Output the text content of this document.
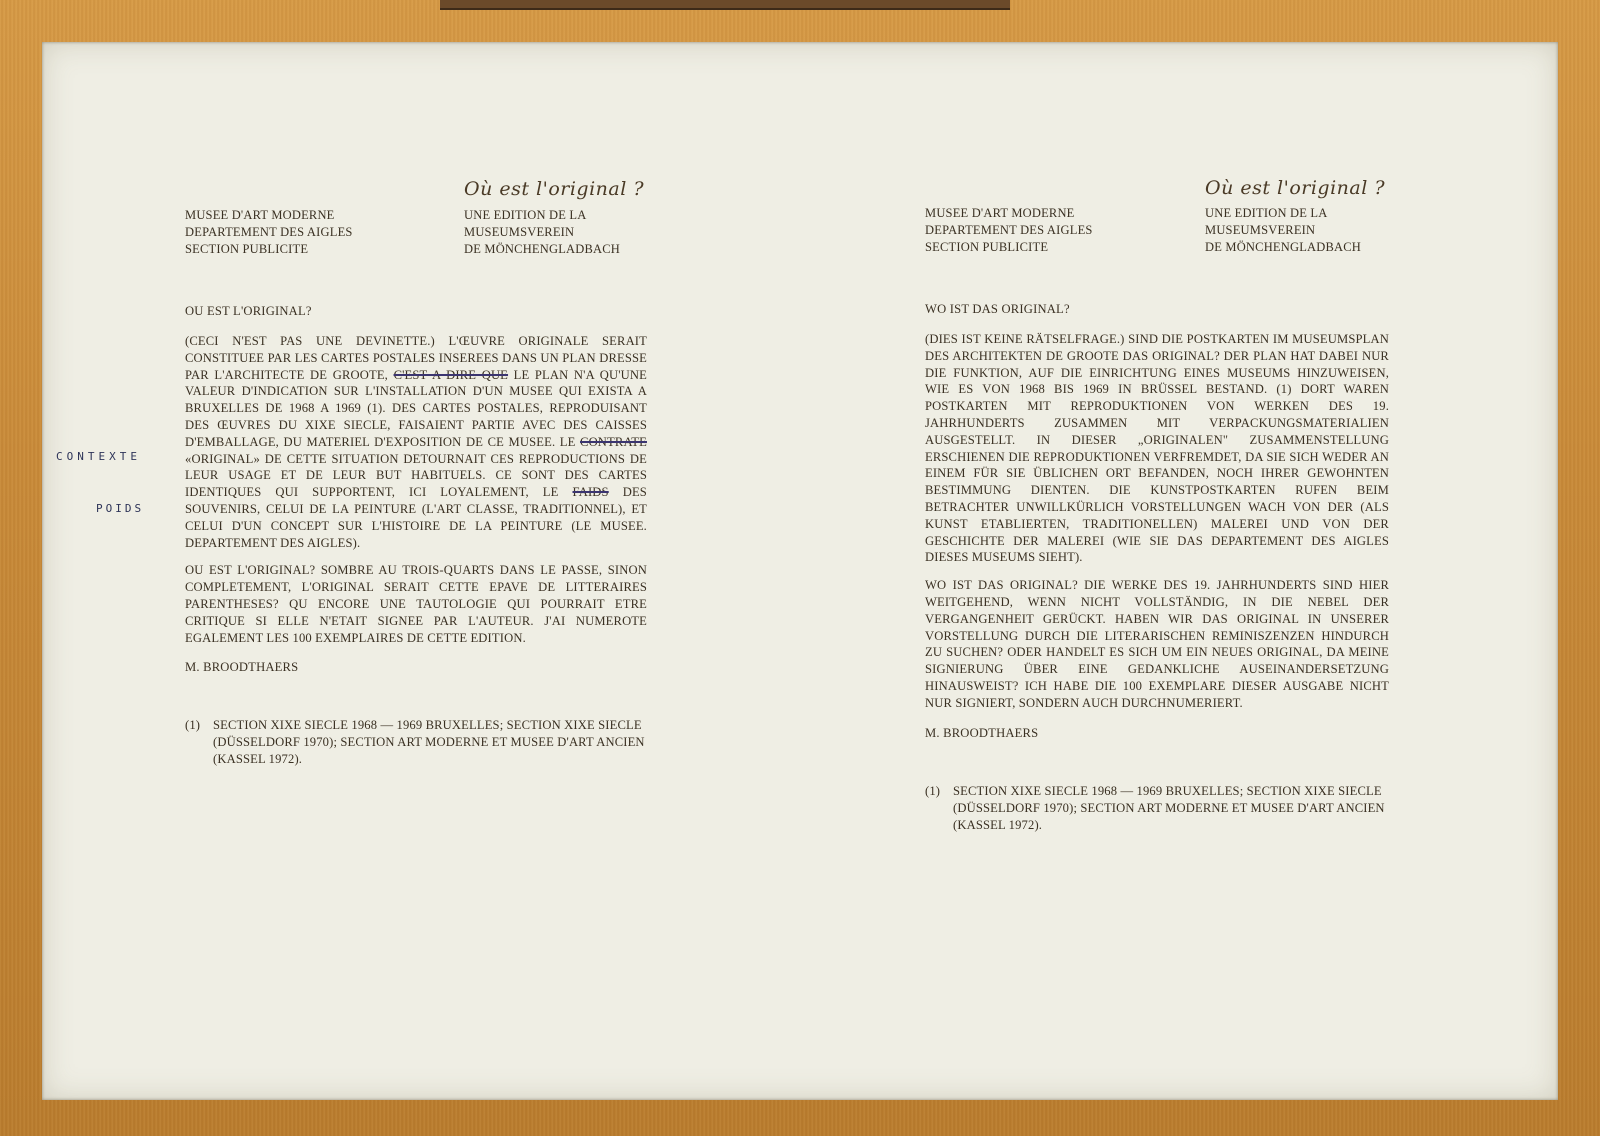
CONTEXTE
POIDS
Où est l'original ?
MUSEE D'ART MODERNE
DEPARTEMENT DES AIGLES
SECTION PUBLICITE
UNE EDITION DE LA
MUSEUMSVEREIN
DE MÖNCHENGLADBACH
OU EST L'ORIGINAL?

(CECI N'EST PAS UNE DEVINETTE.) L'ŒUVRE ORIGINALE SERAIT CONSTITUEE PAR LES CARTES POSTALES INSEREES DANS UN PLAN DRESSE PAR L'ARCHITECTE DE GROOTE, C'EST A DIRE QUE LE PLAN N'A QU'UNE VALEUR D'INDICATION SUR L'INSTALLATION D'UN MUSEE QUI EXISTA A BRUXELLES DE 1968 A 1969 (1). DES CARTES POSTALES, REPRODUISANT DES ŒUVRES DU XIXE SIECLE, FAISAIENT PARTIE AVEC DES CAISSES D'EMBALLAGE, DU MATERIEL D'EXPOSITION DE CE MUSEE. LE CONTRATE «ORIGINAL» DE CETTE SITUATION DETOURNAIT CES REPRODUCTIONS DE LEUR USAGE ET DE LEUR BUT HABITUELS. CE SONT DES CARTES IDENTIQUES QUI SUPPORTENT, ICI LOYALEMENT, LE FAIDS DES SOUVENIRS, CELUI DE LA PEINTURE (L'ART CLASSE, TRADITIONNEL), ET CELUI D'UN CONCEPT SUR L'HISTOIRE DE LA PEINTURE (LE MUSEE. DEPARTEMENT DES AIGLES).

OU EST L'ORIGINAL? SOMBRE AU TROIS-QUARTS DANS LE PASSE, SINON COMPLETEMENT, L'ORIGINAL SERAIT CETTE EPAVE DE LITTERAIRES PARENTHESES? QU ENCORE UNE TAUTOLOGIE QUI POURRAIT ETRE CRITIQUE SI ELLE N'ETAIT SIGNEE PAR L'AUTEUR. J'AI NUMEROTE EGALEMENT LES 100 EXEMPLAIRES DE CETTE EDITION.

M. BROODTHAERS
(1) SECTION XIXE SIECLE 1968 — 1969 BRUXELLES; SECTION XIXE SIECLE (DÜSSELDORF 1970); SECTION ART MODERNE ET MUSEE D'ART ANCIEN (KASSEL 1972).
Où est l'original ?
MUSEE D'ART MODERNE
DEPARTEMENT DES AIGLES
SECTION PUBLICITE
UNE EDITION DE LA
MUSEUMSVEREIN
DE MÖNCHENGLADBACH
WO IST DAS ORIGINAL?

(DIES IST KEINE RÄTSELFRAGE.) SIND DIE POSTKARTEN IM MUSEUMSPLAN DES ARCHITEKTEN DE GROOTE DAS ORIGINAL? DER PLAN HAT DABEI NUR DIE FUNKTION, AUF DIE EINRICHTUNG EINES MUSEUMS HINZUWEISEN, WIE ES VON 1968 BIS 1969 IN BRÜSSEL BESTAND. (1) DORT WAREN POSTKARTEN MIT REPRODUKTIONEN VON WERKEN DES 19. JAHRHUNDERTS ZUSAMMEN MIT VERPACKUNGSMATERIALIEN AUSGESTELLT. IN DIESER „ORIGINALEN" ZUSAMMENSTELLUNG ERSCHIENEN DIE REPRODUKTIONEN VERFREMDET, DA SIE SICH WEDER AN EINEM FÜR SIE ÜBLICHEN ORT BEFANDEN, NOCH IHRER GEWOHNTEN BESTIMMUNG DIENTEN. DIE KUNSTPOSTKARTEN RUFEN BEIM BETRACHTER UNWILLKÜRLICH VORSTELLUNGEN WACH VON DER (ALS KUNST ETABLIERTEN, TRADITIONELLEN) MALEREI UND VON DER GESCHICHTE DER MALEREI (WIE SIE DAS DEPARTEMENT DES AIGLES DIESES MUSEUMS SIEHT).

WO IST DAS ORIGINAL? DIE WERKE DES 19. JAHRHUNDERTS SIND HIER WEITGEHEND, WENN NICHT VOLLSTÄNDIG, IN DIE NEBEL DER VERGANGENHEIT GERÜCKT. HABEN WIR DAS ORIGINAL IN UNSERER VORSTELLUNG DURCH DIE LITERARISCHEN REMINISZENZEN HINDURCH ZU SUCHEN? ODER HANDELT ES SICH UM EIN NEUES ORIGINAL, DA MEINE SIGNIERUNG ÜBER EINE GEDANKLICHE AUSEINANDERSETZUNG HINAUSWEIST? ICH HABE DIE 100 EXEMPLARE DIESER AUSGABE NICHT NUR SIGNIERT, SONDERN AUCH DURCHNUMERIERT.

M. BROODTHAERS
(1) SECTION XIXE SIECLE 1968 — 1969 BRUXELLES; SECTION XIXE SIECLE (DÜSSELDORF 1970); SECTION ART MODERNE ET MUSEE D'ART ANCIEN (KASSEL 1972).
